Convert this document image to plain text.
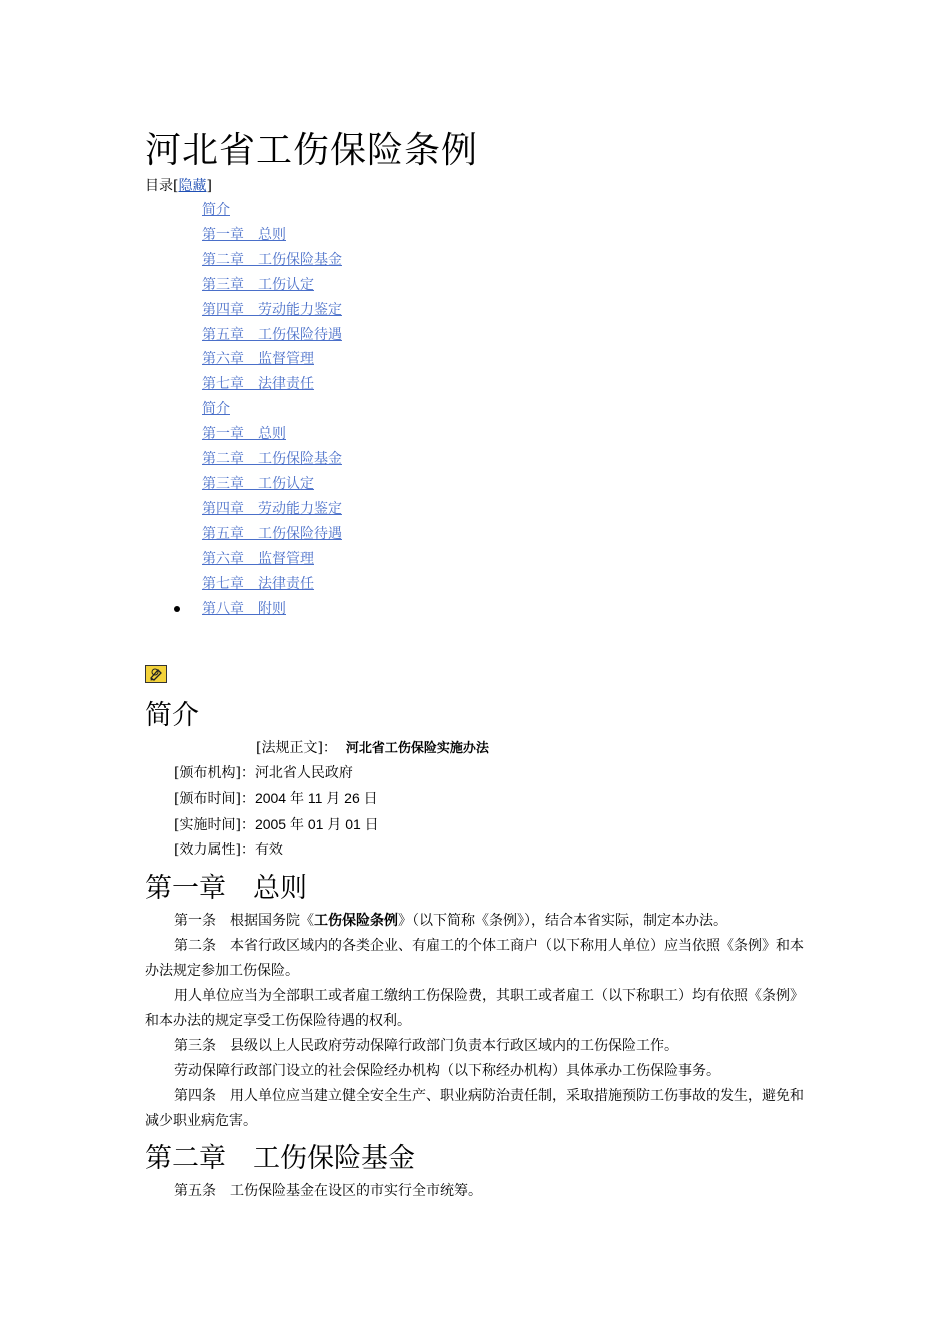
河北省工伤保险条例
目录[隐藏]
简介
第一章　总则
第二章　工伤保险基金
第三章　工伤认定
第四章　劳动能力鉴定
第五章　工伤保险待遇
第六章　监督管理
第七章　法律责任
简介
第一章　总则
第二章　工伤保险基金
第三章　工伤认定
第四章　劳动能力鉴定
第五章　工伤保险待遇
第六章　监督管理
第七章　法律责任
第八章　附则
简介
[法规正文]： 河北省工伤保险实施办法
[颁布机构]：河北省人民政府
[颁布时间]：2004 年 11 月 26 日
[实施时间]：2005 年 01 月 01 日
[效力属性]：有效
第一章　总则

第一条　根据国务院《工伤保险条例》（以下简称《条例》），结合本省实际，制定本办法。

第二条　本省行政区域内的各类企业、有雇工的个体工商户（以下称用人单位）应当依照《条例》和本办法规定参加工伤保险。

用人单位应当为全部职工或者雇工缴纳工伤保险费，其职工或者雇工（以下称职工）均有依照《条例》和本办法的规定享受工伤保险待遇的权利。

第三条　县级以上人民政府劳动保障行政部门负责本行政区域内的工伤保险工作。

劳动保障行政部门设立的社会保险经办机构（以下称经办机构）具体承办工伤保险事务。

第四条　用人单位应当建立健全安全生产、职业病防治责任制，采取措施预防工伤事故的发生，避免和减少职业病危害。

第二章　工伤保险基金

第五条　工伤保险基金在设区的市实行全市统筹。
